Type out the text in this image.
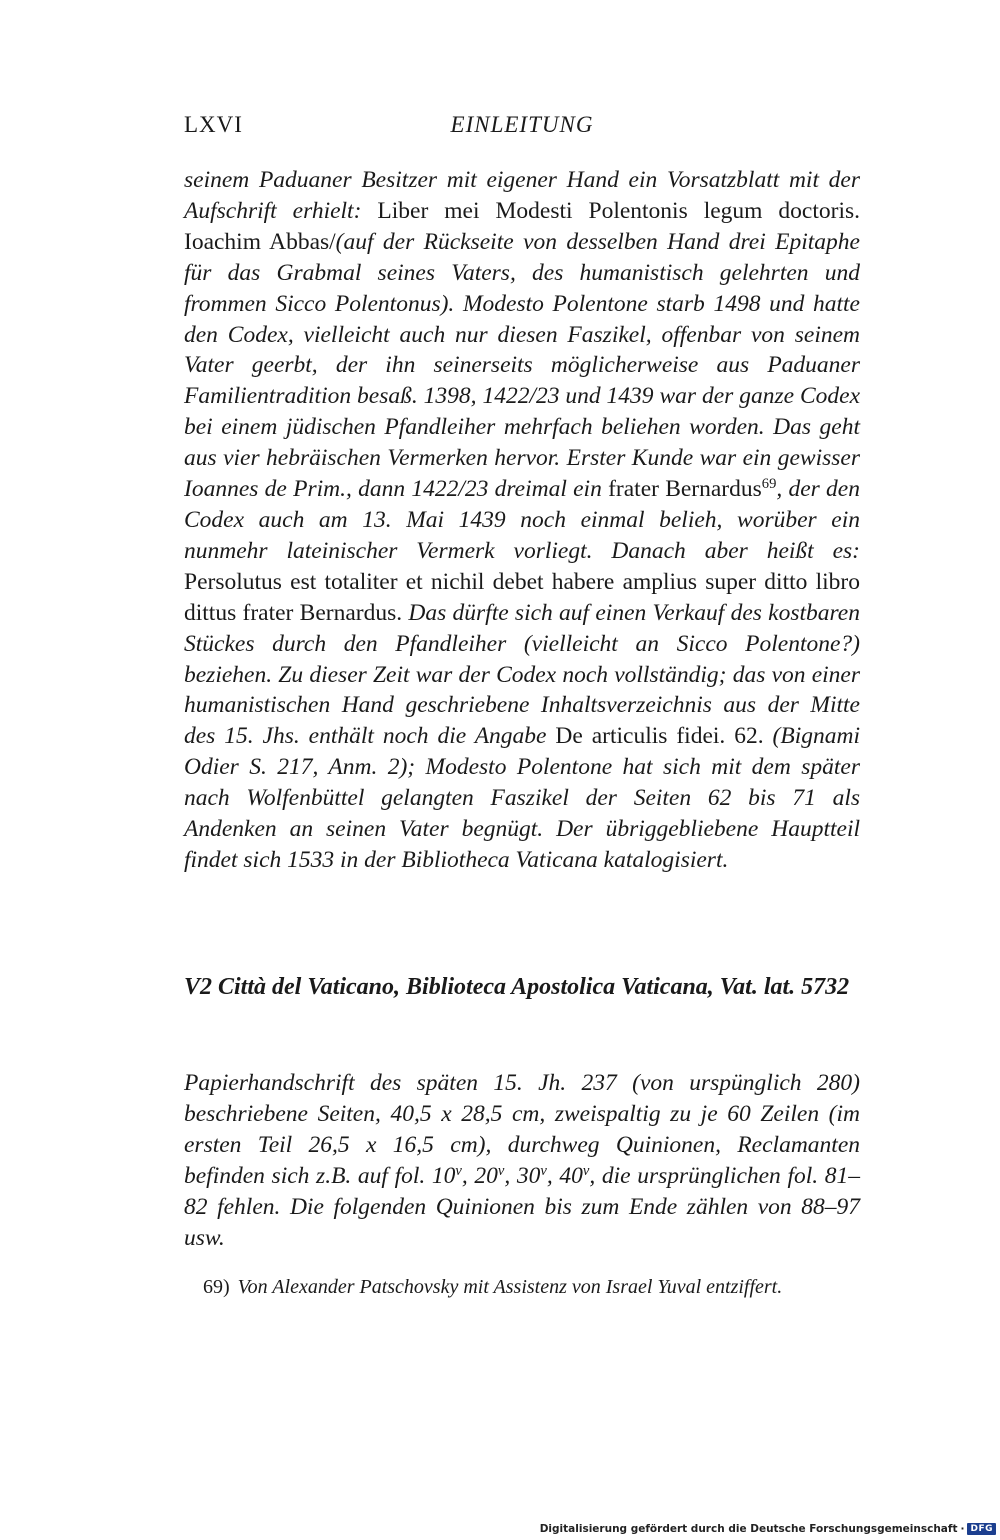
LXVI	EINLEITUNG

seinem Paduaner Besitzer mit eigener Hand ein Vorsatzblatt mit der Aufschrift erhielt: Liber mei Modesti Polentonis legum doctoris. Ioachim Abbas/(auf der Rückseite von desselben Hand drei Epitaphe für das Grabmal seines Vaters, des humanistisch gelehrten und frommen Sicco Polentonus). Modesto Polentone starb 1498 und hatte den Codex, vielleicht auch nur diesen Faszikel, offenbar von seinem Vater geerbt, der ihn seinerseits möglicherweise aus Paduaner Familientradition besaß. 1398, 1422/23 und 1439 war der ganze Codex bei einem jüdischen Pfandleiher mehrfach beliehen worden. Das geht aus vier hebräischen Vermerken hervor. Erster Kunde war ein gewisser Ioannes de Prim., dann 1422/23 dreimal ein frater Bernardus$^{69}$, der den Codex auch am 13. Mai 1439 noch einmal belieh, worüber ein nunmehr lateinischer Vermerk vorliegt. Danach aber heißt es: Persolutus est totaliter et nichil debet habere amplius super ditto libro dittus frater Bernardus. Das dürfte sich auf einen Verkauf des kostbaren Stückes durch den Pfandleiher (vielleicht an Sicco Polentone?) beziehen. Zu dieser Zeit war der Codex noch vollständig; das von einer humanistischen Hand geschriebene Inhaltsverzeichnis aus der Mitte des 15. Jhs. enthält noch die Angabe De articulis fidei. 62. (Bignami Odier S. 217, Anm. 2); Modesto Polentone hat sich mit dem später nach Wolfenbüttel gelangten Faszikel der Seiten 62 bis 71 als Andenken an seinen Vater begnügt. Der übriggebliebene Hauptteil findet sich 1533 in der Bibliotheca Vaticana katalogisiert.

V2 Città del Vaticano, Biblioteca Apostolica Vaticana, Vat. lat. 5732

Papierhandschrift des späten 15. Jh. 237 (von urspünglich 280) beschriebene Seiten, 40,5 x 28,5 cm, zweispaltig zu je 60 Zeilen (im ersten Teil 26,5 x 16,5 cm), durchweg Quinionen, Reclamanten befinden sich z.B. auf fol. 10$^v$, 20$^v$, 30$^v$, 40$^v$, die ursprünglichen fol. 81–82 fehlen. Die folgenden Quinionen bis zum Ende zählen von 88–97 usw.

69) Von Alexander Patschovsky mit Assistenz von Israel Yuval entziffert.

Digitalisierung gefördert durch die Deutsche Forschungsgemeinschaft · DFG
